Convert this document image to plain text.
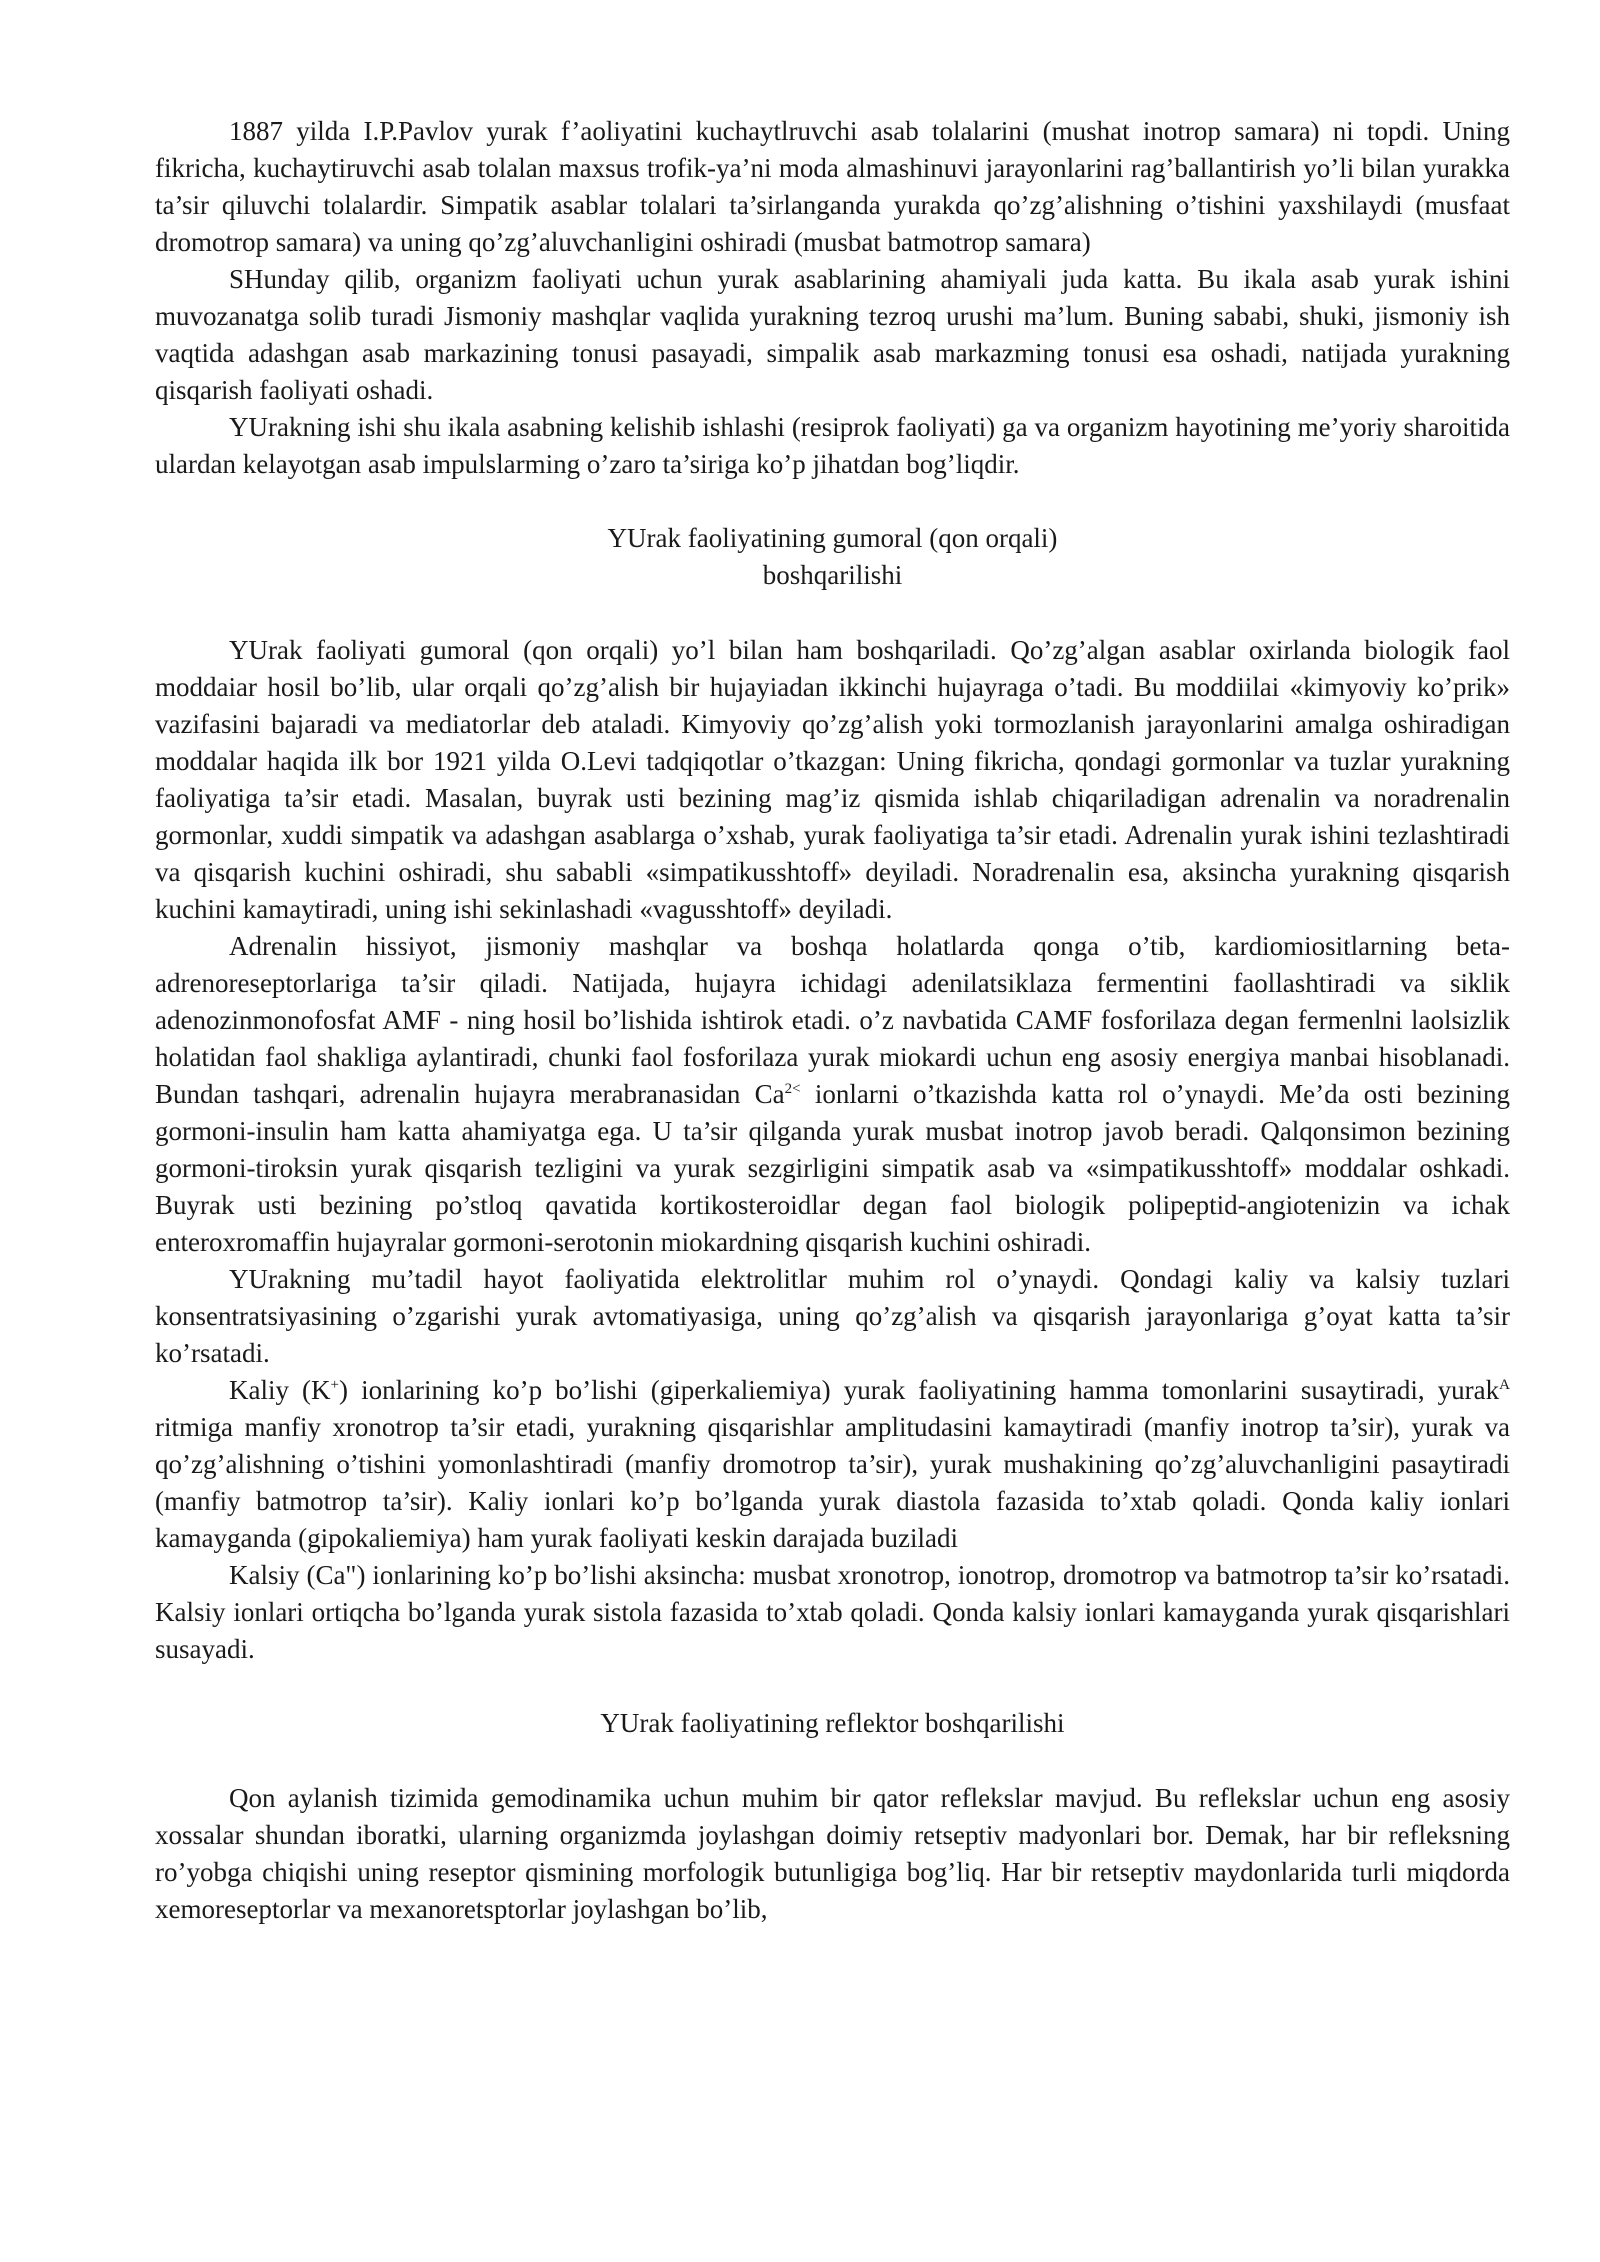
1887 yilda I.P.Pavlov yurak f’aoliyatini kuchaytlruvchi asab tolalarini (mushat inotrop samara) ni topdi. Uning fikricha, kuchaytiruvchi asab tolalan maxsus trofik-ya’ni moda almashinuvi jarayonlarini rag’ballantirish yo’li bilan yurakka ta’sir qiluvchi tolalardir. Simpatik asablar tolalari ta’sirlanganda yurakda qo’zg’alishning o’tishini yaxshilaydi (musfaat dromotrop samara) va uning qo’zg’aluvchanligini oshiradi (musbat batmotrop samara)

SHunday qilib, organizm faoliyati uchun yurak asablarining ahamiyali juda katta. Bu ikala asab yurak ishini muvozanatga solib turadi Jismoniy mashqlar vaqlida yurakning tezroq urushi ma’lum. Buning sababi, shuki, jismoniy ish vaqtida adashgan asab markazining tonusi pasayadi, simpalik asab markazming tonusi esa oshadi, natijada yurakning qisqarish faoliyati oshadi.

YUrakning ishi shu ikala asabning kelishib ishlashi (resiprok faoliyati) ga va organizm hayotining me’yoriy sharoitida ulardan kelayotgan asab impulslarming o’zaro ta’siriga ko’p jihatdan bog’liqdir.

YUrak faoliyatining gumoral (qon orqali)
boshqarilishi

YUrak faoliyati gumoral (qon orqali) yo’l bilan ham boshqariladi. Qo’zg’algan asablar oxirlanda biologik faol moddaiar hosil bo’lib, ular orqali qo’zg’alish bir hujayiadan ikkinchi hujayraga o’tadi. Bu moddiilai «kimyoviy ko’prik» vazifasini bajaradi va mediatorlar deb ataladi. Kimyoviy qo’zg’alish yoki tormozlanish jarayonlarini amalga oshiradigan moddalar haqida ilk bor 1921 yilda O.Levi tadqiqotlar o’tkazgan: Uning fikricha, qondagi gormonlar va tuzlar yurakning faoliyatiga ta’sir etadi. Masalan, buyrak usti bezining mag’iz qismida ishlab chiqariladigan adrenalin va noradrenalin gormonlar, xuddi simpatik va adashgan asablarga o’xshab, yurak faoliyatiga ta’sir etadi. Adrenalin yurak ishini tezlashtiradi va qisqarish kuchini oshiradi, shu sababli «simpatikusshtoff» deyiladi. Noradrenalin esa, aksincha yurakning qisqarish kuchini kamaytiradi, uning ishi sekinlashadi «vagusshtoff» deyiladi.

Adrenalin hissiyot, jismoniy mashqlar va boshqa holatlarda qonga o’tib, kardiomiositlarning beta-adrenoreseptorlariga ta’sir qiladi. Natijada, hujayra ichidagi adenilatsiklaza fermentini faollashtiradi va siklik adenozinmonofosfat AMF - ning hosil bo’lishida ishtirok etadi. o’z navbatida CAMF fosforilaza degan fermenlni laolsizlik holatidan faol shakliga aylantiradi, chunki faol fosforilaza yurak miokardi uchun eng asosiy energiya manbai hisoblanadi. Bundan tashqari, adrenalin hujayra merabranasidan $Ca^{2<}$ ionlarni o’tkazishda katta rol o’ynaydi. Me’da osti bezining gormoni-insulin ham katta ahamiyatga ega. U ta’sir qilganda yurak musbat inotrop javob beradi. Qalqonsimon bezining gormoni-tiroksin yurak qisqarish tezligini va yurak sezgirligini simpatik asab va «simpatikusshtoff» moddalar oshkadi. Buyrak usti bezining po’stloq qavatida kortikosteroidlar degan faol biologik polipeptid-angiotenizin va ichak enteroxromaffin hujayralar gormoni-serotonin miokardning qisqarish kuchini oshiradi.

YUrakning mu’tadil hayot faoliyatida elektrolitlar muhim rol o’ynaydi. Qondagi kaliy va kalsiy tuzlari konsentratsiyasining o’zgarishi yurak avtomatiyasiga, uning qo’zg’alish va qisqarish jarayonlariga g’oyat katta ta’sir ko’rsatadi.

Kaliy (K+) ionlarining ko’p bo’lishi (giperkaliemiya) yurak faoliyatining hamma tomonlarini susaytiradi, yurak$^A$ ritmiga manfiy xronotrop ta’sir etadi, yurakning qisqarishlar amplitudasini kamaytiradi (manfiy inotrop ta’sir), yurak va qo’zg’alishning o’tishini yomonlashtiradi (manfiy dromotrop ta’sir), yurak mushakining qo’zg’aluvchanligini pasaytiradi (manfiy batmotrop ta’sir). Kaliy ionlari ko’p bo’lganda yurak diastola fazasida to’xtab qoladi. Qonda kaliy ionlari kamayganda (gipokaliemiya) ham yurak faoliyati keskin darajada buziladi

Kalsiy (Ca") ionlarining ko’p bo’lishi aksincha: musbat xronotrop, ionotrop, dromotrop va batmotrop ta’sir ko’rsatadi. Kalsiy ionlari ortiqcha bo’lganda yurak sistola fazasida to’xtab qoladi. Qonda kalsiy ionlari kamayganda yurak qisqarishlari susayadi.

YUrak faoliyatining reflektor boshqarilishi

Qon aylanish tizimida gemodinamika uchun muhim bir qator reflekslar mavjud. Bu reflekslar uchun eng asosiy xossalar shundan iboratki, ularning organizmda joylashgan doimiy retseptiv madyonlari bor. Demak, har bir refleksning ro’yobga chiqishi uning reseptor qismining morfologik butunligiga bog’liq. Har bir retseptiv maydonlarida turli miqdorda xemoreseptorlar va mexanoretsptorlar joylashgan bo’lib,
